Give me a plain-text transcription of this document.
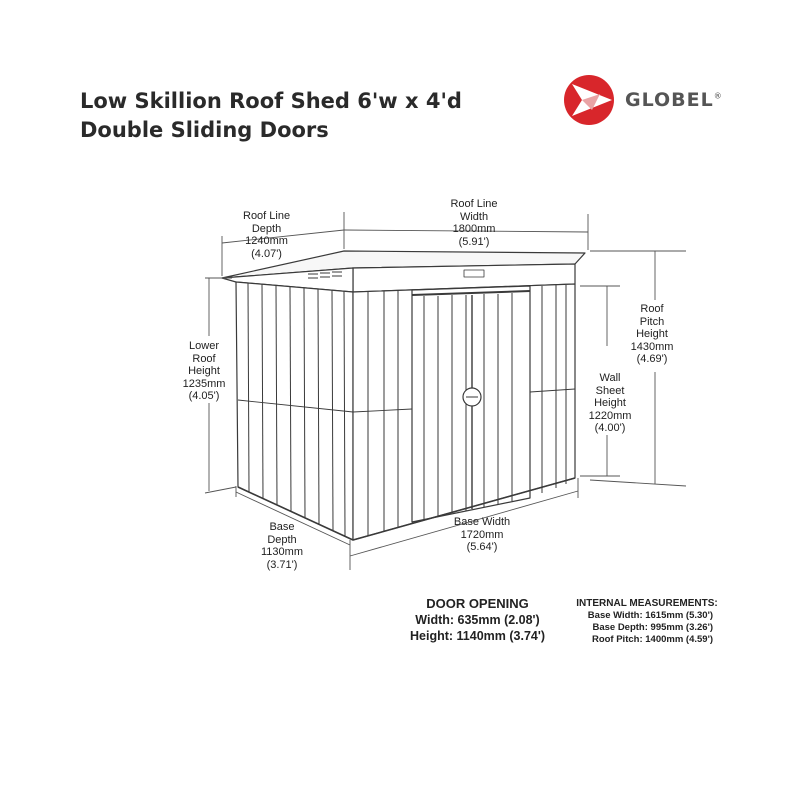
Low Skillion Roof Shed 6'w x 4'd
Double Sliding Doors
GLOBEL®
Roof Line
Depth
1240mm
(4.07')
Roof Line
Width
1800mm
(5.91')
Lower
Roof
Height
1235mm
(4.05')
Roof
Pitch
Height
1430mm
(4.69')
Wall
Sheet
Height
1220mm
(4.00')
Base
Depth
1130mm
(3.71')
Base Width
1720mm
(5.64')
DOOR OPENING
Width: 635mm (2.08')
Height: 1140mm (3.74')
INTERNAL MEASUREMENTS:
Base Width: 1615mm (5.30')
Base Depth: 995mm (3.26')
Roof Pitch: 1400mm (4.59')
